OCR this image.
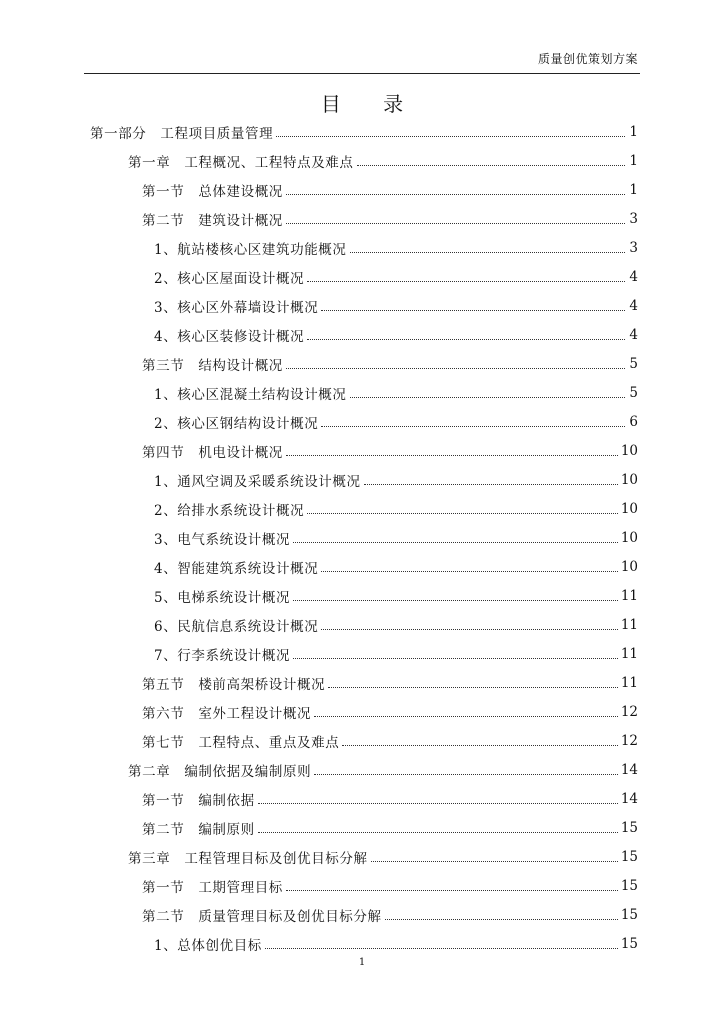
质量创优策划方案
目 录
第一部分 工程项目质量管理	1
第一章 工程概况、工程特点及难点	1
第一节 总体建设概况	1
第二节 建筑设计概况	3
1、航站楼核心区建筑功能概况	3
2、核心区屋面设计概况	4
3、核心区外幕墙设计概况	4
4、核心区装修设计概况	4
第三节 结构设计概况	5
1、核心区混凝土结构设计概况	5
2、核心区钢结构设计概况	6
第四节 机电设计概况	10
1、通风空调及采暖系统设计概况	10
2、给排水系统设计概况	10
3、电气系统设计概况	10
4、智能建筑系统设计概况	10
5、电梯系统设计概况	11
6、民航信息系统设计概况	11
7、行李系统设计概况	11
第五节 楼前高架桥设计概况	11
第六节 室外工程设计概况	12
第七节 工程特点、重点及难点	12
第二章 编制依据及编制原则	14
第一节 编制依据	14
第二节 编制原则	15
第三章 工程管理目标及创优目标分解	15
第一节 工期管理目标	15
第二节 质量管理目标及创优目标分解	15
1、总体创优目标	15
1
